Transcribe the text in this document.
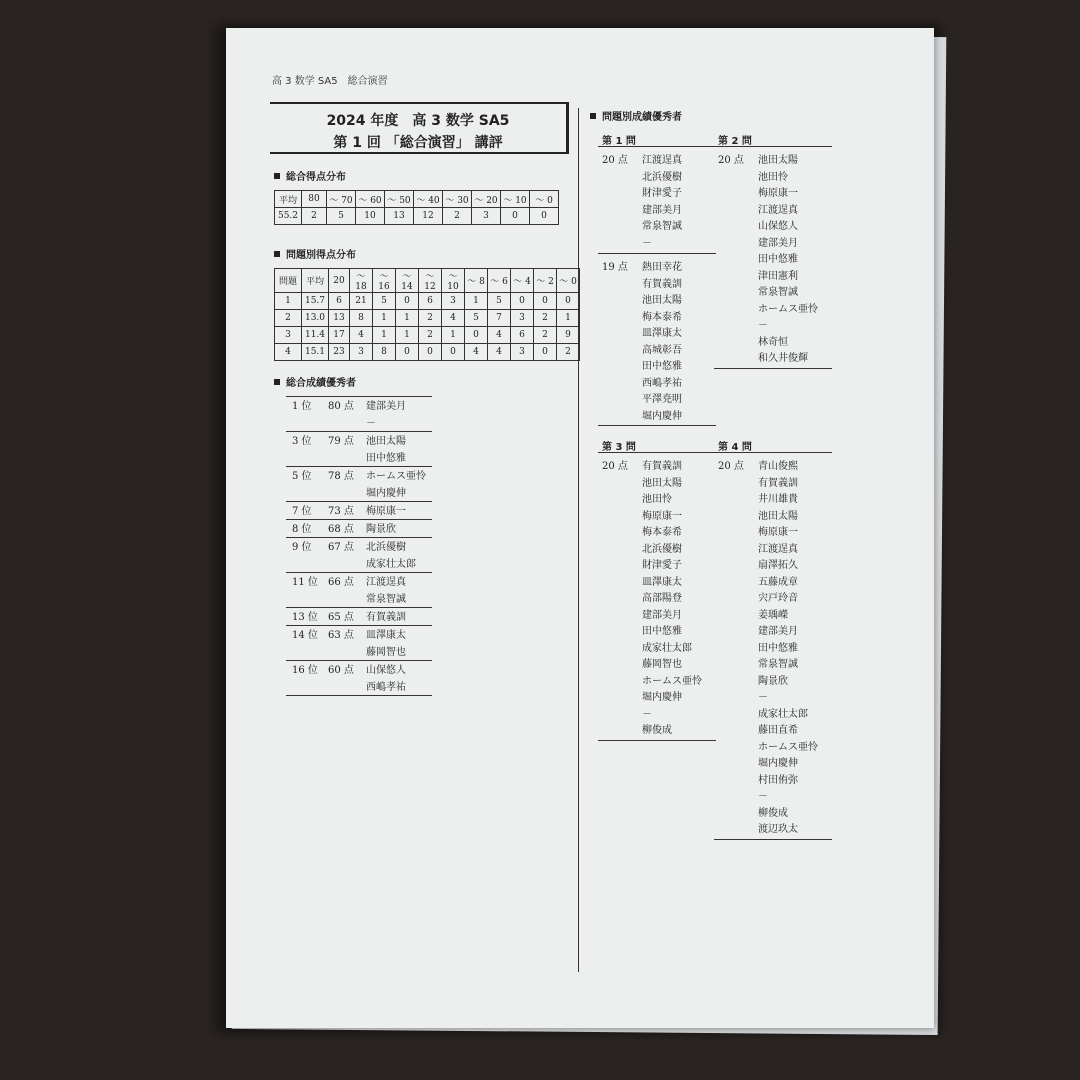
高 3 数学 SA5　総合演習
2024 年度　高 3 数学 SA5
第 1 回 「総合演習」 講評
総合得点分布
平均	80	～ 70	～ 60	～ 50	～ 40	～ 30	～ 20	～ 10	～ 0
55.2	2	5	10	13	12	2	3	0	0
問題別得点分布
問題	平均	20	～ 18	～ 16	～ 14	～ 12	～ 10	～ 8	～ 6	～ 4	～ 2	～ 0
1	15.7	6	21	5	0	6	3	1	5	0	0	0
2	13.0	13	8	1	1	2	4	5	7	3	2	1
3	11.4	17	4	1	1	2	1	0	4	6	2	9
4	15.1	23	3	8	0	0	0	4	4	3	0	2
総合成績優秀者
1 位 80 点 建部美月
－
3 位 79 点 池田太陽
田中悠雅
5 位 78 点 ホームス亜怜
堀内慶伸
7 位 73 点 梅原康一
8 位 68 点 陶景欣
9 位 67 点 北浜優樹
成家壮太郎
11 位 66 点 江渡逞真
常泉智誠
13 位 65 点 有賀義訓
14 位 63 点 皿澤康太
藤岡智也
16 位 60 点 山保悠人
西嶋孝祐
問題別成績優秀者
第 1 問
20 点 江渡逞真
北浜優樹
財津愛子
建部美月
常泉智誠
－
19 点 熱田幸花
有賀義訓
池田太陽
梅本泰希
皿澤康太
高城彰吾
田中悠雅
西嶋孝祐
平澤尭明
堀内慶伸
第 2 問
20 点 池田太陽
池田怜
梅原康一
江渡逞真
山保悠人
建部美月
田中悠雅
津田憲利
常泉智誠
ホームス亜怜
－
林奇恒
和久井俊輝
第 3 問
20 点 有賀義訓
池田太陽
池田怜
梅原康一
梅本泰希
北浜優樹
財津愛子
皿澤康太
高部陽登
建部美月
田中悠雅
成家壮太郎
藤岡智也
ホームス亜怜
堀内慶伸
－
柳俊成
第 4 問
20 点 青山俊熙
有賀義訓
井川雄貴
池田太陽
梅原康一
江渡逞真
扇澤拓久
五藤成章
宍戸玲音
姜瑀嶸
建部美月
田中悠雅
常泉智誠
陶景欣
－
成家壮太郎
藤田直希
ホームス亜怜
堀内慶伸
村田侑弥
－
柳俊成
渡辺玖太
